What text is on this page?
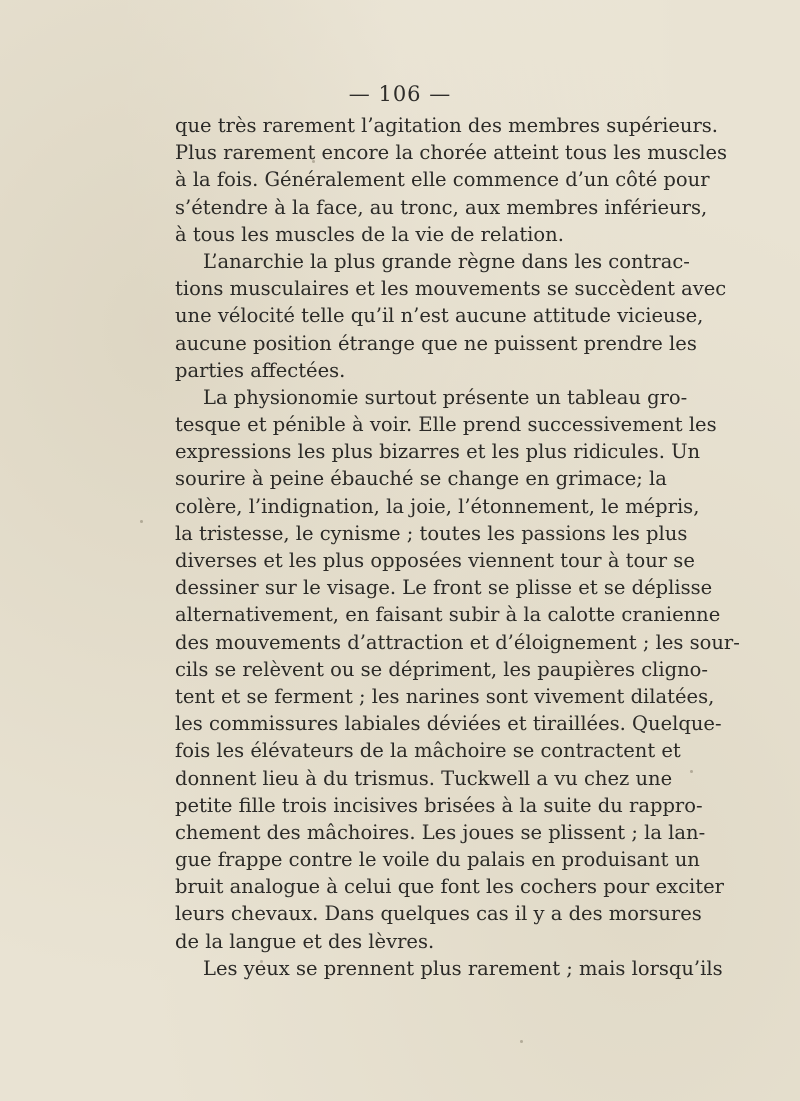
— 106 —
que très rarement l’agitation des membres supérieurs.
Plus rarement encore la chorée atteint tous les muscles
à la fois. Généralement elle commence d’un côté pour
s’étendre à la face, au tronc, aux membres inférieurs,
à tous les muscles de la vie de relation.
L’anarchie la plus grande règne dans les contrac-
tions musculaires et les mouvements se succèdent avec
une vélocité telle qu’il n’est aucune attitude vicieuse,
aucune position étrange que ne puissent prendre les
parties affectées.
La physionomie surtout présente un tableau gro-
tesque et pénible à voir. Elle prend successivement les
expressions les plus bizarres et les plus ridicules. Un
sourire à peine ébauché se change en grimace; la
colère, l’indignation, la joie, l’étonnement, le mépris,
la tristesse, le cynisme ; toutes les passions les plus
diverses et les plus opposées viennent tour à tour se
dessiner sur le visage. Le front se plisse et se déplisse
alternativement, en faisant subir à la calotte cranienne
des mouvements d’attraction et d’éloignement ; les sour-
cils se relèvent ou se dépriment, les paupières cligno-
tent et se ferment ; les narines sont vivement dilatées,
les commissures labiales déviées et tiraillées. Quelque-
fois les élévateurs de la mâchoire se contractent et
donnent lieu à du trismus. Tuckwell a vu chez une
petite fille trois incisives brisées à la suite du rappro-
chement des mâchoires. Les joues se plissent ; la lan-
gue frappe contre le voile du palais en produisant un
bruit analogue à celui que font les cochers pour exciter
leurs chevaux. Dans quelques cas il y a des morsures
de la langue et des lèvres.
Les yeux se prennent plus rarement ; mais lorsqu’ils
